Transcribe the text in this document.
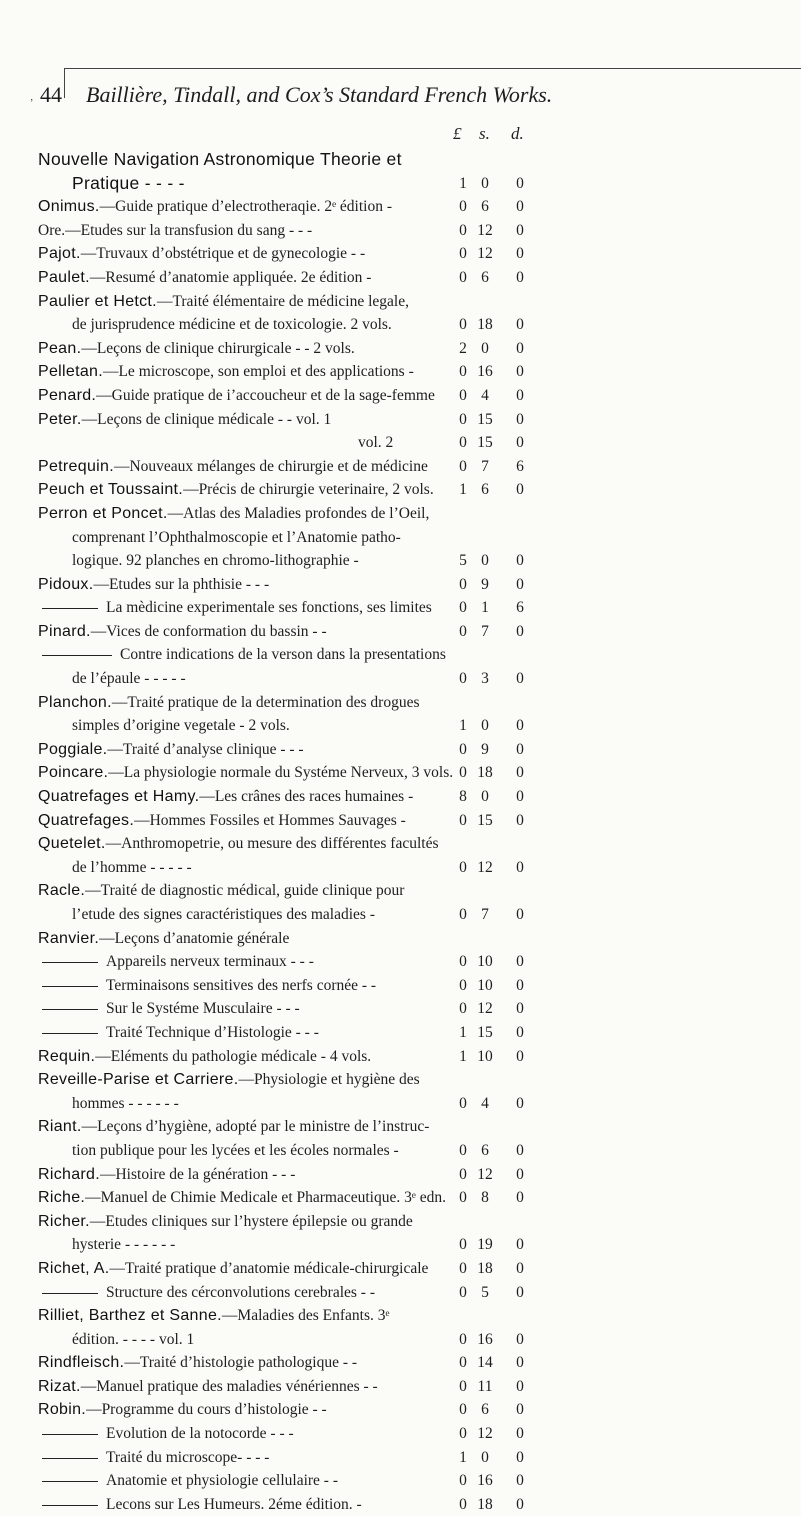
’ 44 Baillière, Tindall, and Cox’s Standard French Works.
£ s. d.
Nouvelle Navigation Astronomique Theorie et
Pratique - - - -	1 0	0
Onimus.—Guide pratique d’electrotheraqie. 2ᵉ édition -	0 6	0
Ore.—Etudes sur la transfusion du sang - - -	0 12	0
Pajot.—Truvaux d’obstétrique et de gynecologie - -	0 12	0
Paulet.—Resumé d’anatomie appliquée. 2e édition -	0 6	0
Paulier et Hetct.—Traité élémentaire de médicine legale,
de jurisprudence médicine et de toxicologie. 2 vols.	0 18	0
Pean.—Leçons de clinique chirurgicale - - 2 vols.	2 0	0
Pelletan.—Le microscope, son emploi et des applications -	0 16	0
Penard.—Guide pratique de i’accoucheur et de la sage-femme	0 4	0
Peter.—Leçons de clinique médicale - - vol. 1	0 15	0
vol. 2	0 15	0
Petrequin.—Nouveaux mélanges de chirurgie et de médicine	0 7	6
Peuch et Toussaint.—Précis de chirurgie veterinaire, 2 vols.	1 6	0
Perron et Poncet.—Atlas des Maladies profondes de l’Oeil,
comprenant l’Ophthalmoscopie et l’Anatomie patho-
logique. 92 planches en chromo-lithographie -	5 0	0
Pidoux.—Etudes sur la phthisie - - -	0 9	0
La mèdicine experimentale ses fonctions, ses limites	0 1	6
Pinard.—Vices de conformation du bassin - -	0 7	0
Contre indications de la verson dans la presentations
de l’épaule - - - - -	0 3	0
Planchon.—Traité pratique de la determination des drogues
simples d’origine vegetale - 2 vols.	1 0	0
Poggiale.—Traité d’analyse clinique - - -	0 9	0
Poincare.—La physiologie normale du Systéme Nerveux, 3 vols. 0 18	0
Quatrefages et Hamy.—Les crânes des races humaines -	8 0	0
Quatrefages.—Hommes Fossiles et Hommes Sauvages -	0 15	0
Quetelet.—Anthromopetrie, ou mesure des différentes facultés
de l’homme - - - - -	0 12	0
Racle.—Traité de diagnostic médical, guide clinique pour
l’etude des signes caractéristiques des maladies -	0 7	0
Ranvier.—Leçons d’anatomie générale
Appareils nerveux terminaux - - -	0 10	0
Terminaisons sensitives des nerfs cornée - -	0 10	0
Sur le Systéme Musculaire - - -	0 12	0
Traité Technique d’Histologie - - -	1 15	0
Requin.—Eléments du pathologie médicale - 4 vols.	1 10	0
Reveille-Parise et Carriere.—Physiologie et hygiène des
hommes - - - - - -	0 4	0
Riant.—Leçons d’hygiène, adopté par le ministre de l’instruc-
tion publique pour les lycées et les écoles normales -	0 6	0
Richard.—Histoire de la génération - - -	0 12	0
Riche.—Manuel de Chimie Medicale et Pharmaceutique. 3ᵉ edn. 0 8	0
Richer.—Etudes cliniques sur l’hystere épilepsie ou grande
hysterie - - - - - -	0 19	0
Richet, A.—Traité pratique d’anatomie médicale-chirurgicale	0 18	0
Structure des cérconvolutions cerebrales - -	0 5	0
Rilliet, Barthez et Sanne.—Maladies des Enfants. 3ᵉ
édition. - - - - vol. 1	0 16	0
Rindfleisch.—Traité d’histologie pathologique - -	0 14	0
Rizat.—Manuel pratique des maladies vénériennes - -	0 11	0
Robin.—Programme du cours d’histologie - -	0 6	0
Evolution de la notocorde - - -	0 12	0
Traité du microscope- - - -	1 0	0
Anatomie et physiologie cellulaire - -	0 16	0
Lecons sur Les Humeurs. 2éme édition. -	0 18	0
